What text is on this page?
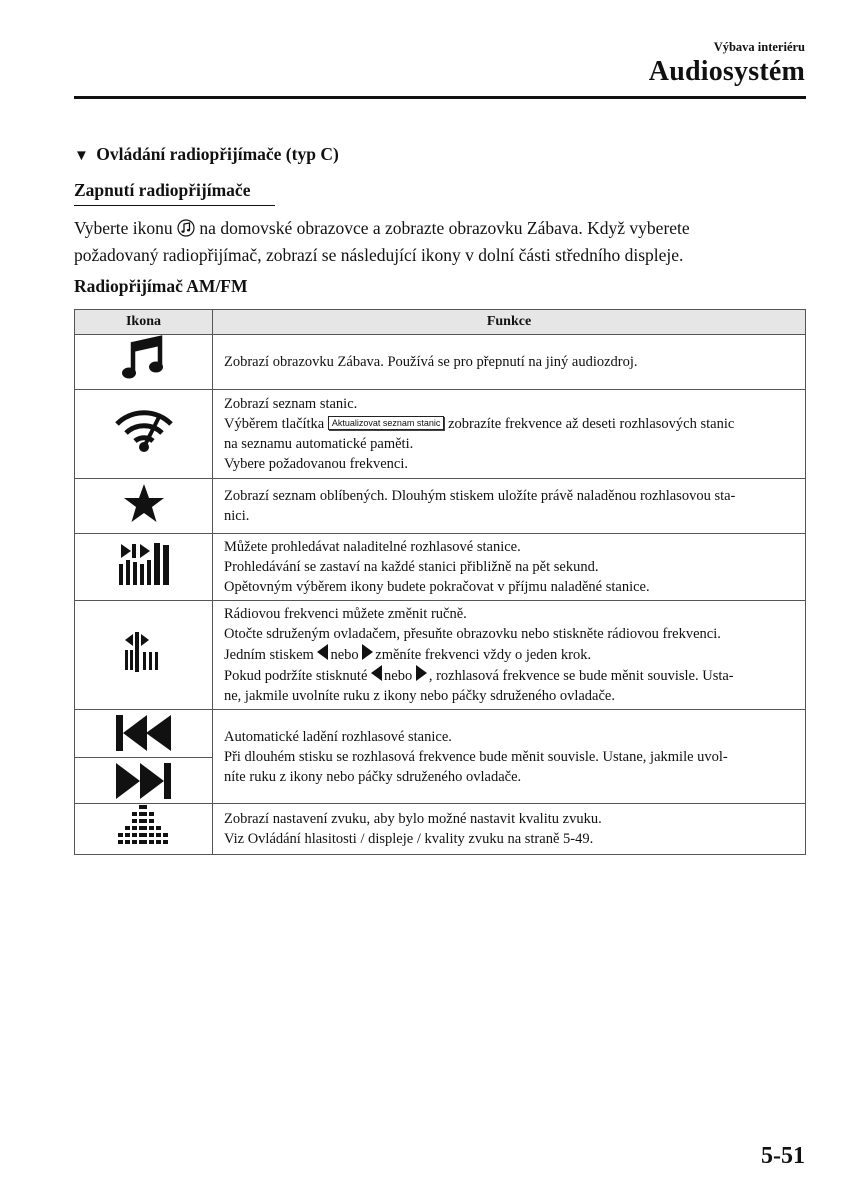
Výbava interiéru
Audiosystém
▼ Ovládání radiopřijímače (typ C)
Zapnutí radiopřijímače
Vyberte ikonu na domovské obrazovce a zobrazte obrazovku Zábava. Když vyberete
požadovaný radiopřijímač, zobrazí se následující ikony v dolní části středního displeje.
Radiopřijímač AM/FM
Ikona	Funkce

Zobrazí obrazovku Zábava. Používá se pro přepnutí na jiný audiozdroj.

Zobrazí seznam stanic.
Výběrem tlačítka Aktualizovat seznam stanic zobrazíte frekvence až deseti rozhlasových stanic
na seznamu automatické paměti.
Vybere požadovanou frekvenci.

Zobrazí seznam oblíbených. Dlouhým stiskem uložíte právě naladěnou rozhlasovou sta-
nici.

Můžete prohledávat naladitelné rozhlasové stanice.
Prohledávání se zastaví na každé stanici přibližně na pět sekund.
Opětovným výběrem ikony budete pokračovat v příjmu naladěné stanice.

Rádiovou frekvenci můžete změnit ručně.
Otočte sdruženým ovladačem, přesuňte obrazovku nebo stiskněte rádiovou frekvenci.
Jedním stiskem nebo změníte frekvenci vždy o jeden krok.
Pokud podržíte stisknuté nebo , rozhlasová frekvence se bude měnit souvisle. Ustа-
ne, jakmile uvolníte ruku z ikony nebo páčky sdruženého ovladače.

Automatické ladění rozhlasové stanice.
Při dlouhém stisku se rozhlasová frekvence bude měnit souvisle. Ustane, jakmile uvol-
níte ruku z ikony nebo páčky sdruženého ovladače.

Zobrazí nastavení zvuku, aby bylo možné nastavit kvalitu zvuku.
Viz Ovládání hlasitosti / displeje / kvality zvuku na straně 5-49.
5-51
